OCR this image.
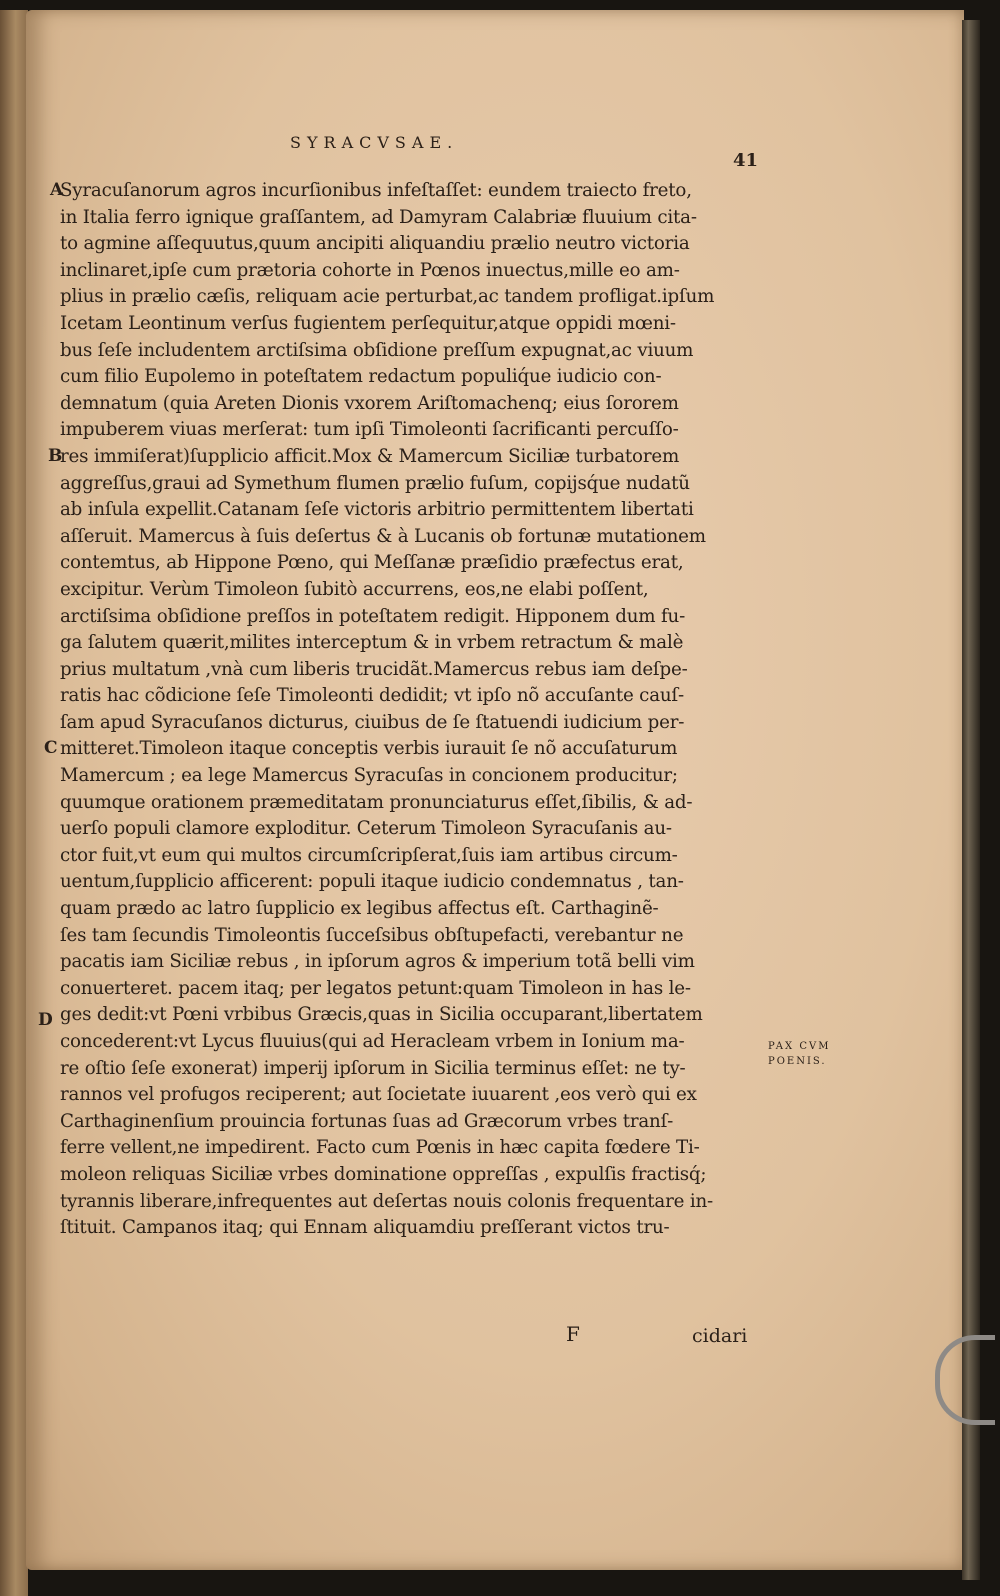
SYRACVSAE.
41
A
B
C
D
Syracuſanorum agros incurſionibus infeſtaſſet: eundem traiecto freto,
in Italia ferro ignique graſſantem, ad Damyram Calabriæ fluuium cita-
to agmine aſſequutus,quum ancipiti aliquandiu prælio neutro victoria
inclinaret,ipſe cum prætoria cohorte in Pœnos inuectus,mille eo am-
plius in prælio cæſis, reliquam acie perturbat,ac tandem profligat.ipſum
Icetam Leontinum verſus fugientem perſequitur,atque oppidi mœni-
bus ſeſe includentem arctiſsima obſidione preſſum expugnat,ac viuum
cum filio Eupolemo in poteſtatem redactum populiq́ue iudicio con-
demnatum (quia Areten Dionis vxorem Ariſtomachenq; eius ſororem
impuberem viuas merſerat: tum ipſi Timoleonti ſacrificanti percuſſo-
res immiſerat)ſupplicio afficit.Mox & Mamercum Siciliæ turbatorem
aggreſſus,graui ad Symethum flumen prælio fuſum, copijsq́ue nudatũ
ab inſula expellit.Catanam ſeſe victoris arbitrio permittentem libertati
aſſeruit. Mamercus à ſuis deſertus & à Lucanis ob fortunæ mutationem
contemtus, ab Hippone Pœno, qui Meſſanæ præſidio præfectus erat,
excipitur. Verùm Timoleon ſubitò accurrens, eos,ne elabi poſſent,
arctiſsima obſidione preſſos in poteſtatem redigit. Hipponem dum fu-
ga ſalutem quærit,milites interceptum & in vrbem retractum & malè
prius multatum ,vnà cum liberis trucidãt.Mamercus rebus iam deſpe-
ratis hac cõdicione ſeſe Timoleonti dedidit; vt ipſo nõ accuſante cauſ-
ſam apud Syracuſanos dicturus, ciuibus de ſe ſtatuendi iudicium per-
mitteret.Timoleon itaque conceptis verbis iurauit ſe nõ accuſaturum
Mamercum ; ea lege Mamercus Syracuſas in concionem producitur;
quumque orationem præmeditatam pronunciaturus eſſet,ſibilis, & ad-
uerſo populi clamore exploditur. Ceterum Timoleon Syracuſanis au-
ctor fuit,vt eum qui multos circumſcripſerat,ſuis iam artibus circum-
uentum,ſupplicio afficerent: populi itaque iudicio condemnatus , tan-
quam prædo ac latro ſupplicio ex legibus affectus eſt. Carthaginẽ-
ſes tam ſecundis Timoleontis ſucceſsibus obſtupefacti, verebantur ne
pacatis iam Siciliæ rebus , in ipſorum agros & imperium totã belli vim
conuerteret. pacem itaq; per legatos petunt:quam Timoleon in has le-
ges dedit:vt Pœni vrbibus Græcis,quas in Sicilia occuparant,libertatem
concederent:vt Lycus fluuius(qui ad Heracleam vrbem in Ionium ma-
re oſtio ſeſe exonerat) imperij ipſorum in Sicilia terminus eſſet: ne ty-
rannos vel profugos reciperent; aut ſocietate iuuarent ,eos verò qui ex
Carthaginenſium prouincia fortunas ſuas ad Græcorum vrbes tranſ-
ferre vellent,ne impedirent. Facto cum Pœnis in hæc capita fœdere Ti-
moleon reliquas Siciliæ vrbes dominatione oppreſſas , expulſis fractisq́;
tyrannis liberare,infrequentes aut deſertas nouis colonis frequentare in-
ſtituit. Campanos itaq; qui Ennam aliquamdiu preſſerant victos tru-
PAX CVM
POENIS.
F	cidari
